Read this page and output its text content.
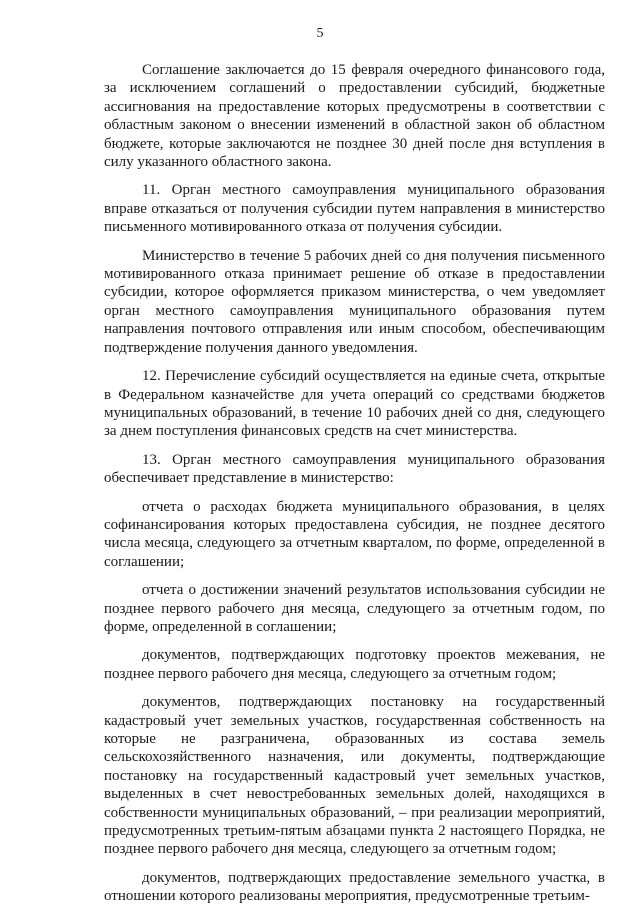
5

Соглашение заключается до 15 февраля очередного финансового года, за исключением соглашений о предоставлении субсидий, бюджетные ассигнования на предоставление которых предусмотрены в соответствии с областным законом о внесении изменений в областной закон об областном бюджете, которые заключаются не позднее 30 дней после дня вступления в силу указанного областного закона.

11. Орган местного самоуправления муниципального образования вправе отказаться от получения субсидии путем направления в министерство письменного мотивированного отказа от получения субсидии.

Министерство в течение 5 рабочих дней со дня получения письменного мотивированного отказа принимает решение об отказе в предоставлении субсидии, которое оформляется приказом министерства, о чем уведомляет орган местного самоуправления муниципального образования путем направления почтового отправления или иным способом, обеспечивающим подтверждение получения данного уведомления.

12. Перечисление субсидий осуществляется на единые счета, открытые в Федеральном казначействе для учета операций со средствами бюджетов муниципальных образований, в течение 10 рабочих дней со дня, следующего за днем поступления финансовых средств на счет министерства.

13. Орган местного самоуправления муниципального образования обеспечивает представление в министерство:

отчета о расходах бюджета муниципального образования, в целях софинансирования которых предоставлена субсидия, не позднее десятого числа месяца, следующего за отчетным кварталом, по форме, определенной в соглашении;

отчета о достижении значений результатов использования субсидии не позднее первого рабочего дня месяца, следующего за отчетным годом, по форме, определенной в соглашении;

документов, подтверждающих подготовку проектов межевания, не позднее первого рабочего дня месяца, следующего за отчетным годом;

документов, подтверждающих постановку на государственный кадастровый учет земельных участков, государственная собственность на которые не разграничена, образованных из состава земель сельскохозяйственного назначения, или документы, подтверждающие постановку на государственный кадастровый учет земельных участков, выделенных в счет невостребованных земельных долей, находящихся в собственности муниципальных образований, – при реализации мероприятий, предусмотренных третьим-пятым абзацами пункта 2 настоящего Порядка, не позднее первого рабочего дня месяца, следующего за отчетным годом;

документов, подтверждающих предоставление земельного участка, в отношении которого реализованы мероприятия, предусмотренные третьим-
